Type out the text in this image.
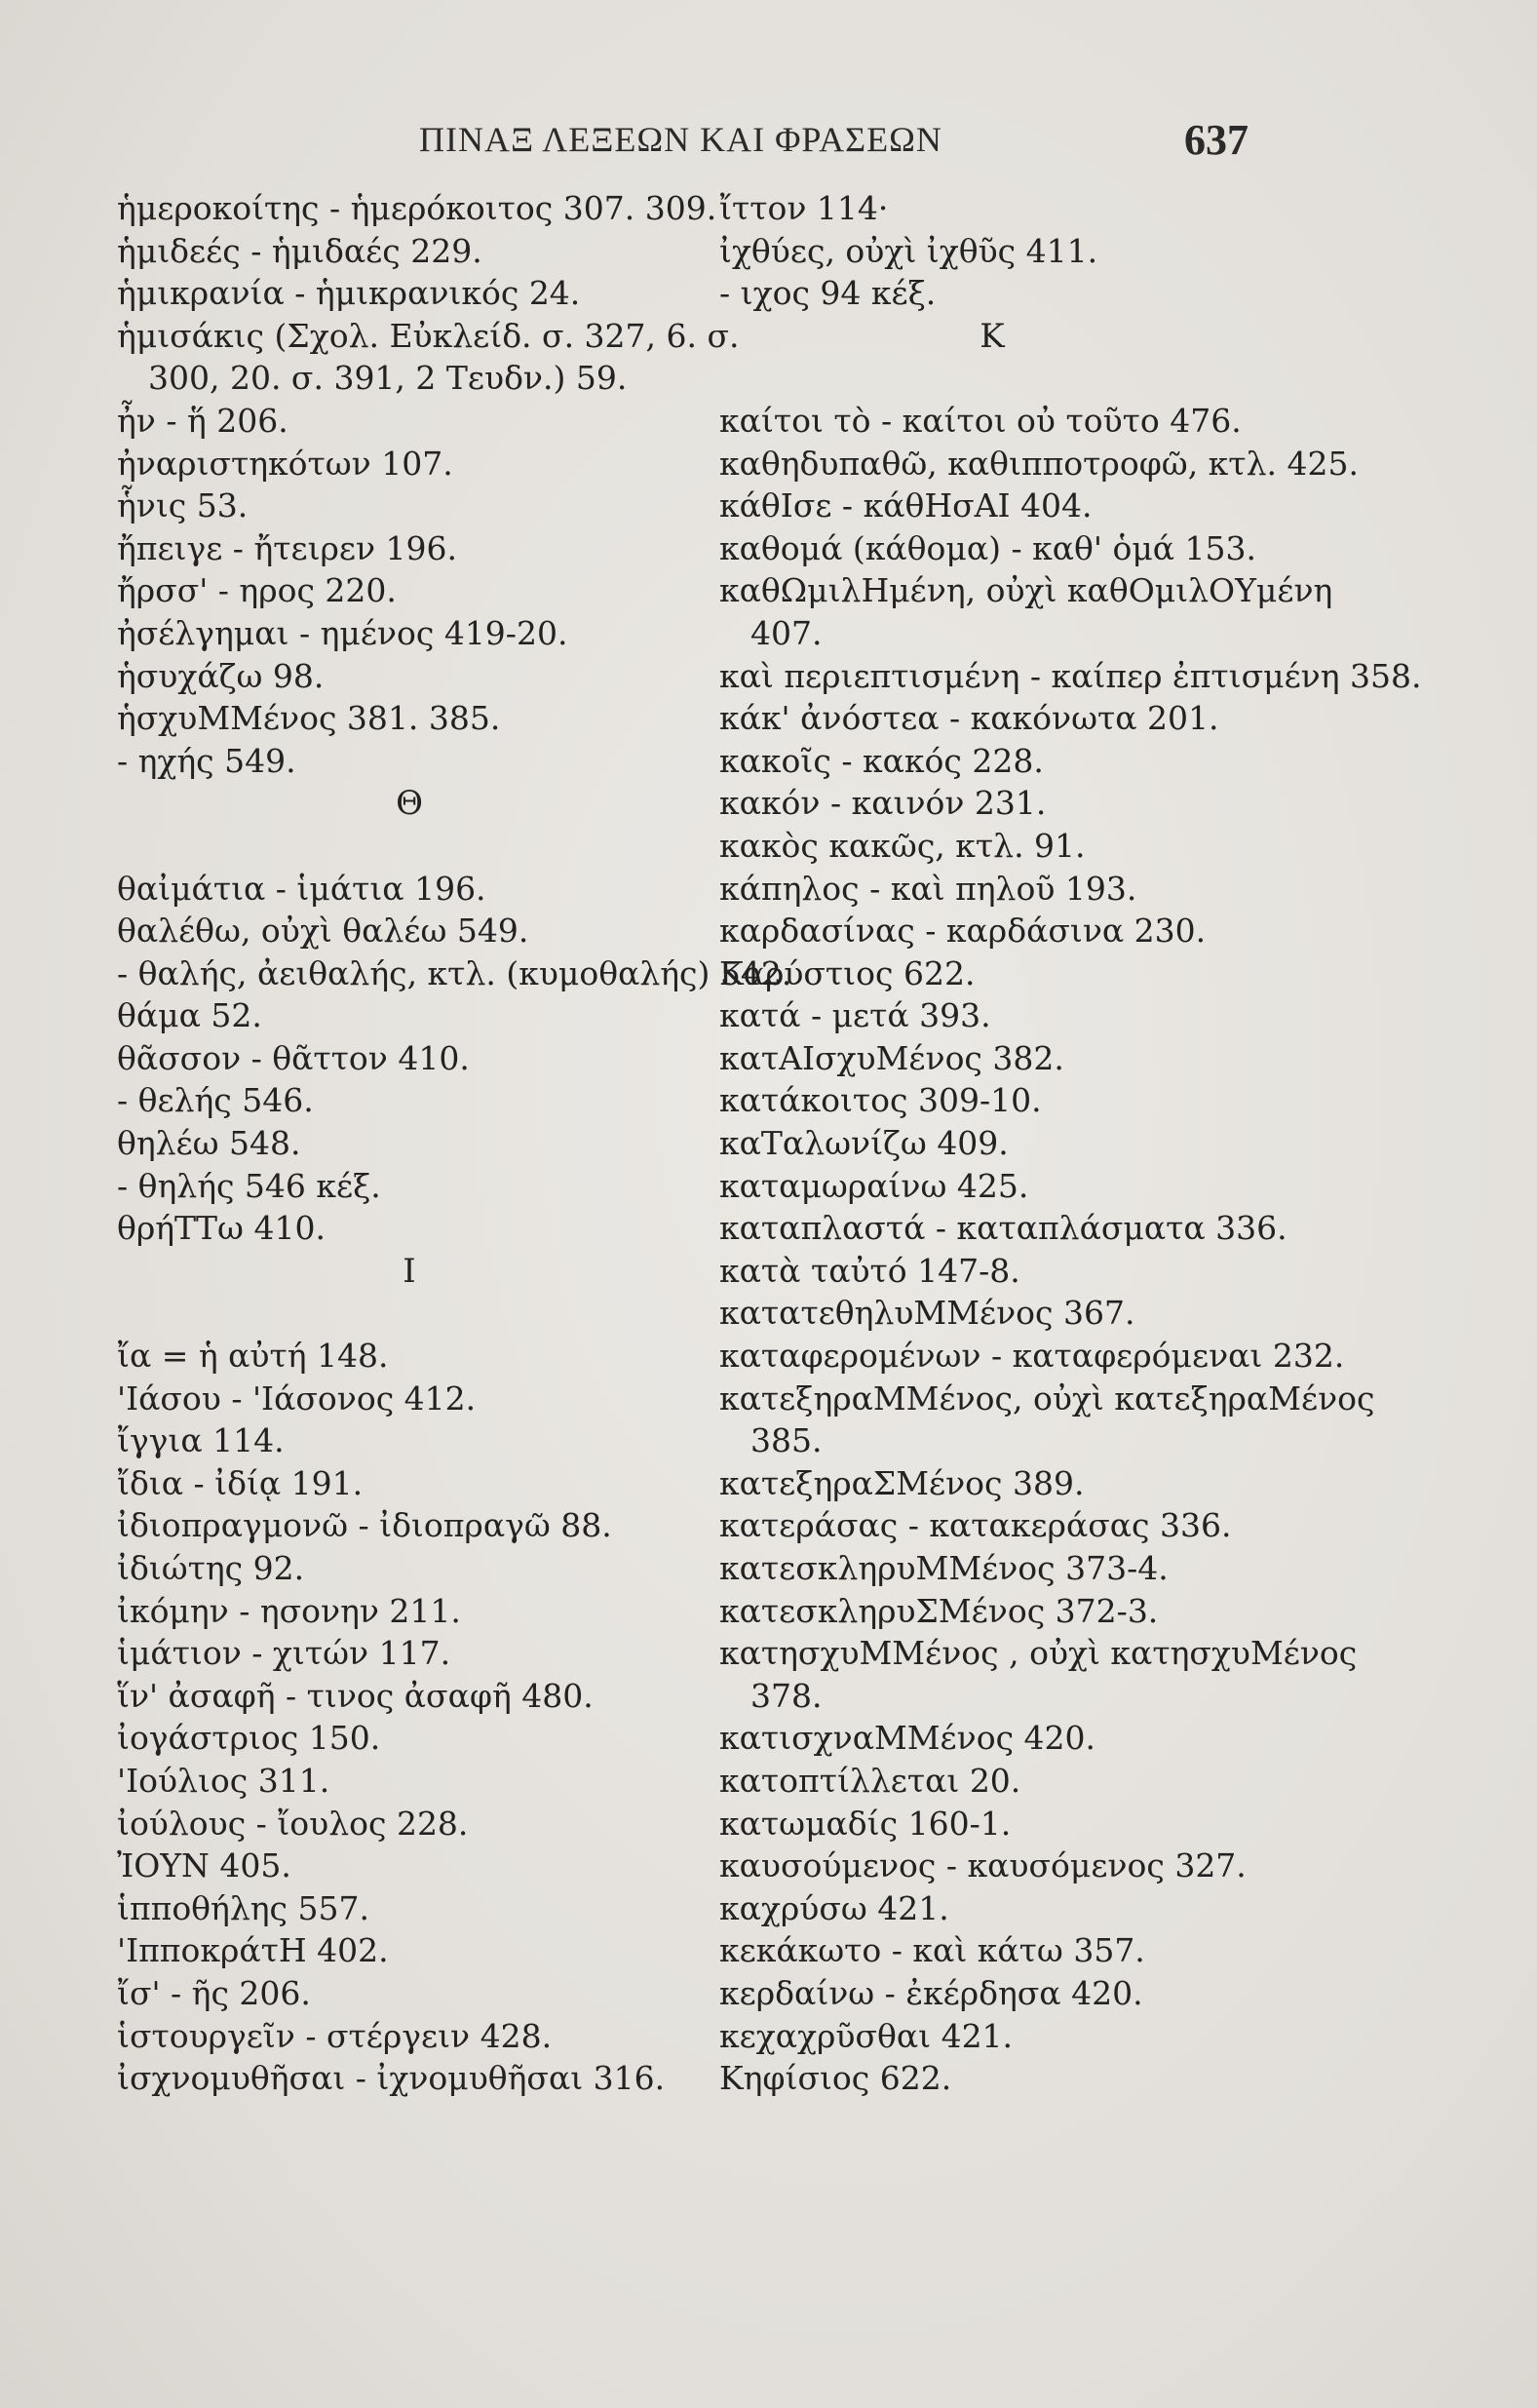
ΠΙΝΑΞ ΛΕΞΕΩΝ ΚΑΙ ΦΡΑΣΕΩΝ	637
ἡμεροκοίτης - ἡμερόκοιτος 307. 309.
ἡμιδεές - ἡμιδαές 229.
ἡμικρανία - ἡμικρανικός 24.
ἡμισάκις (Σχολ. Εὐκλείδ. σ. 327, 6. σ.
300, 20. σ. 391, 2 Τευδν.) 59.
ἦν - ἥ 206.
ἠναριστηκότων 107.
ἧνις 53.
ἤπειγε - ἤτειρεν 196.
ἤρσσ' - ηρος 220.
ἠσέλγημαι - ημένος 419-20.
ἡσυχάζω 98.
ἡσχυΜΜένος 381. 385.
- ηχής 549.
Θ
θαἰμάτια - ἱμάτια 196.
θαλέθω, οὐχὶ θαλέω 549.
- θαλής, ἀειθαλής, κτλ. (κυμοθαλής) 542.
θάμα 52.
θᾶσσον - θᾶττον 410.
- θελής 546.
θηλέω 548.
- θηλής 546 κέξ.
θρήΤΤω 410.
Ι
ἴα = ἡ αὐτή 148.
'Ιάσου - 'Ιάσονος 412.
ἴγγια 114.
ἴδια - ἰδίᾳ 191.
ἰδιοπραγμονῶ - ἰδιοπραγῶ 88.
ἰδιώτης 92.
ἰκόμην - ησονην 211.
ἱμάτιον - χιτών 117.
ἵν' ἀσαφῆ - τινος ἀσαφῆ 480.
ἰογάστριος 150.
'Ιούλιος 311.
ἰούλους - ἴουλος 228.
ἸΟΥΝ 405.
ἱπποθήλης 557.
'ΙπποκράτΗ 402.
ἴσ' - ῆς 206.
ἱστουργεῖν - στέργειν 428.
ἰσχνομυθῆσαι - ἰχνομυθῆσαι 316.
ἴττον 114·
ἰχθύες, οὐχὶ ἰχθῦς 411.
- ιχος 94 κέξ.
Κ
καίτοι τὸ - καίτοι οὐ τοῦτο 476.
καθηδυπαθῶ, καθιπποτροφῶ, κτλ. 425.
κάθΙσε - κάθΗσΑΙ 404.
καθομά (κάθομα) - καθ' ὁμά 153.
καθΩμιλΗμένη, οὐχὶ καθΟμιλΟΥμένη
407.
καὶ περιεπτισμένη - καίπερ ἐπτισμένη 358.
κάκ' ἀνόστεα - κακόνωτα 201.
κακοῖς - κακός 228.
κακόν - καινόν 231.
κακὸς κακῶς, κτλ. 91.
κάπηλος - καὶ πηλοῦ 193.
καρδασίνας - καρδάσινα 230.
Καρύστιος 622.
κατά - μετά 393.
κατΑΙσχυΜένος 382.
κατάκοιτος 309-10.
καΤαλωνίζω 409.
καταμωραίνω 425.
καταπλαστά - καταπλάσματα 336.
κατὰ ταὐτό 147-8.
κατατεθηλυΜΜένος 367.
καταφερομένων - καταφερόμεναι 232.
κατεξηραΜΜένος, οὐχὶ κατεξηραΜένος
385.
κατεξηραΣΜένος 389.
κατεράσας - κατακεράσας 336.
κατεσκληρυΜΜένος 373-4.
κατεσκληρυΣΜένος 372-3.
κατησχυΜΜένος , οὐχὶ κατησχυΜένος
378.
κατισχναΜΜένος 420.
κατοπτίλλεται 20.
κατωμαδίς 160-1.
καυσούμενος - καυσόμενος 327.
καχρύσω 421.
κεκάκωτο - καὶ κάτω 357.
κερδαίνω - ἐκέρδησα 420.
κεχαχρῦσθαι 421.
Κηφίσιος 622.
